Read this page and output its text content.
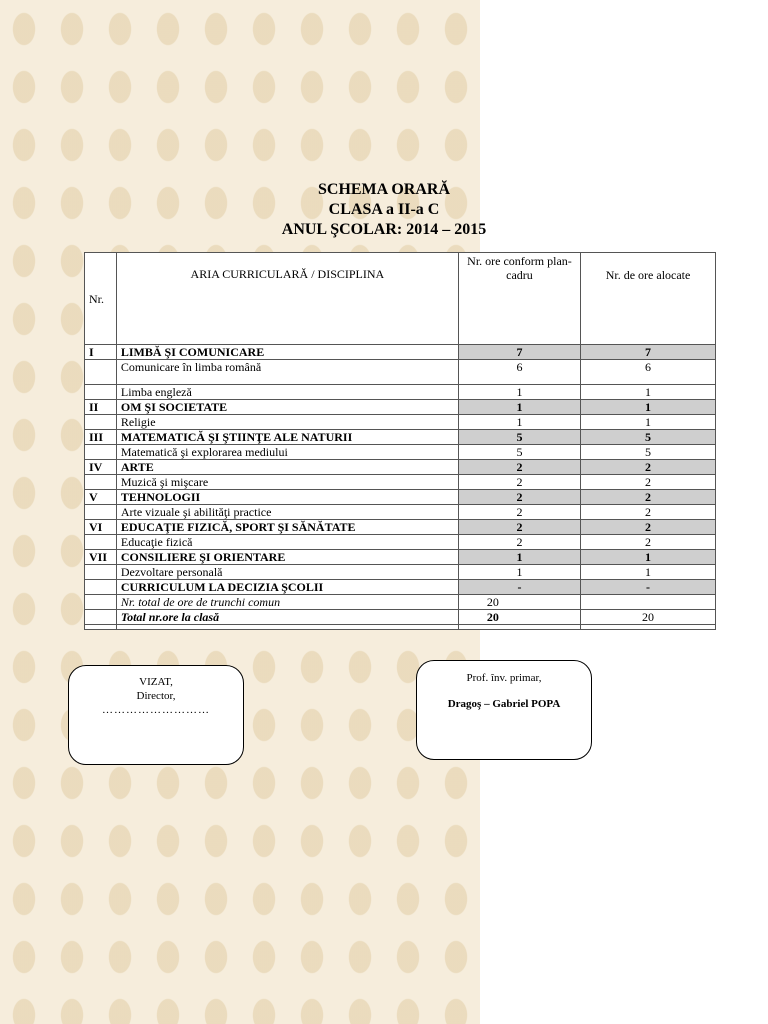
SCHEMA ORARĂ
CLASA a II-a C
ANUL ŞCOLAR: 2014 – 2015
Nr.	ARIA CURRICULARĂ / DISCIPLINA	Nr. ore conform plan- cadru	Nr. de ore alocate
I	LIMBĂ ŞI COMUNICARE	7	7
	Comunicare în limba română	6	6
	Limba engleză	1	1
II	OM ŞI SOCIETATE	1	1
	Religie	1	1
III	MATEMATICĂ ŞI ŞTIINŢE ALE NATURII	5	5
	Matematică şi explorarea mediului	5	5
IV	ARTE	2	2
	Muzică şi mişcare	2	2
V	TEHNOLOGII	2	2
	Arte vizuale şi abilităţi practice	2	2
VI	EDUCAŢIE FIZICĂ, SPORT ŞI SĂNĂTATE	2	2
	Educaţie fizică	2	2
VII	CONSILIERE ŞI ORIENTARE	1	1
	Dezvoltare personală	1	1
	CURRICULUM LA DECIZIA ŞCOLII	-	-
	Nr. total de ore de trunchi comun	20	
	Total nr.ore la clasă	20	20

VIZAT,
Director,
………………………
Prof. înv. primar,
Dragoş – Gabriel POPA
